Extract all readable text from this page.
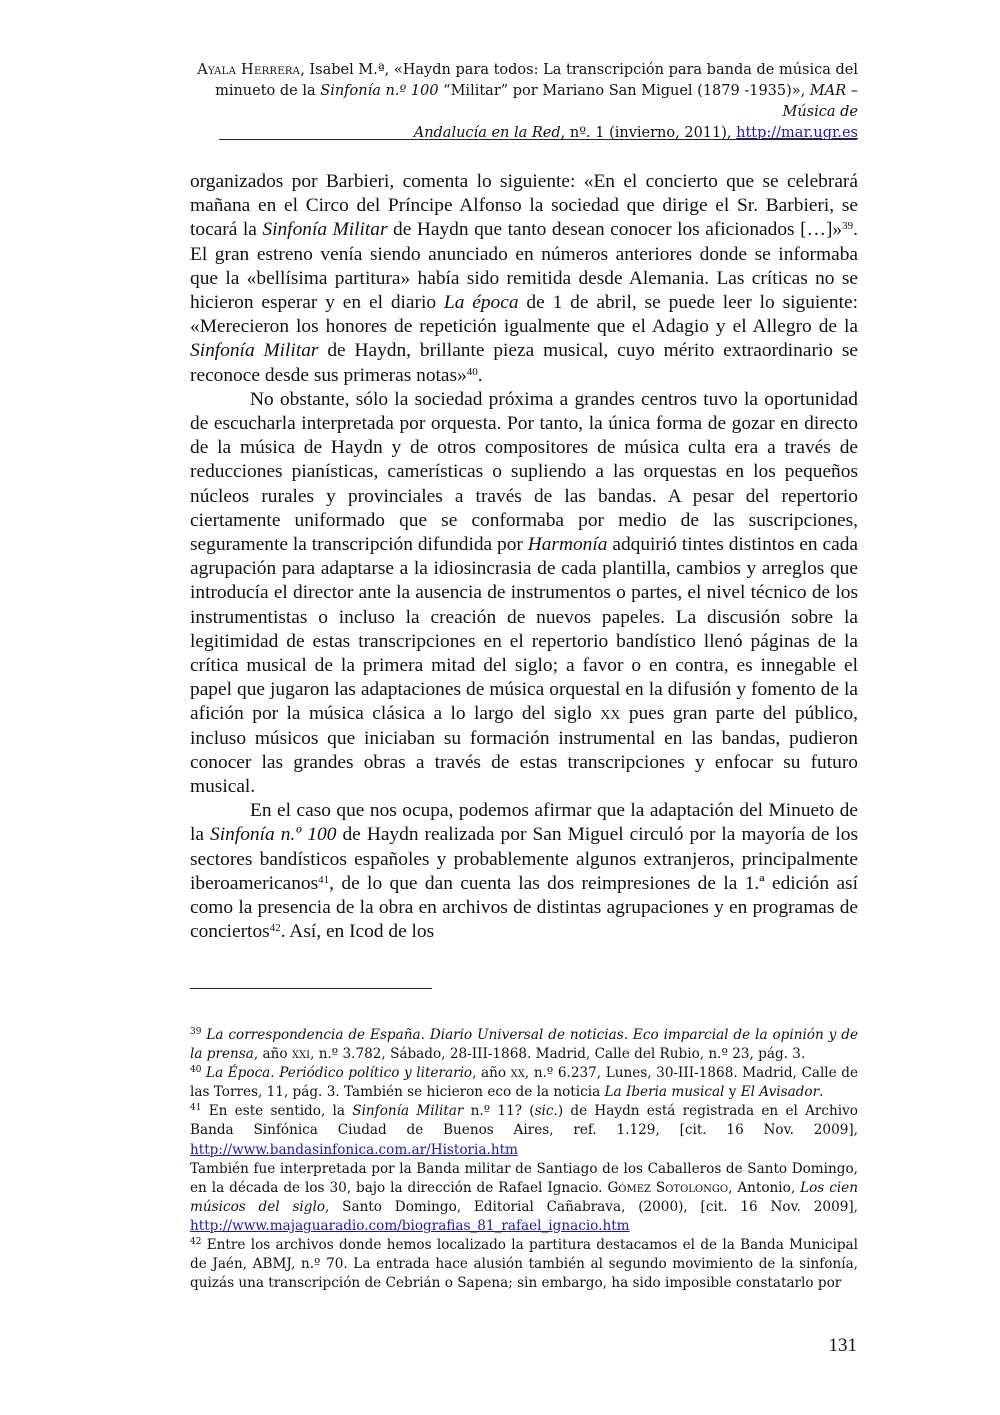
Ayala Herrera, Isabel M.ª, «Haydn para todos: La transcripción para banda de música del
minueto de la Sinfonía n.º 100 “Militar” por Mariano San Miguel (1879 -1935)», MAR – Música de
Andalucía en la Red, nº. 1 (invierno, 2011), http://mar.ugr.es

organizados por Barbieri, comenta lo siguiente: «En el concierto que se celebrará mañana en el Circo del Príncipe Alfonso la sociedad que dirige el Sr. Barbieri, se tocará la Sinfonía Militar de Haydn que tanto desean conocer los aficionados […]»$^{39}$. El gran estreno venía siendo anunciado en números anteriores donde se informaba que la «bellísima partitura» había sido remitida desde Alemania. Las críticas no se hicieron esperar y en el diario La época de 1 de abril, se puede leer lo siguiente: «Merecieron los honores de repetición igualmente que el Adagio y el Allegro de la Sinfonía Militar de Haydn, brillante pieza musical, cuyo mérito extraordinario se reconoce desde sus primeras notas»$^{40}$.

No obstante, sólo la sociedad próxima a grandes centros tuvo la oportunidad de escucharla interpretada por orquesta. Por tanto, la única forma de gozar en directo de la música de Haydn y de otros compositores de música culta era a través de reducciones pianísticas, camerísticas o supliendo a las orquestas en los pequeños núcleos rurales y provinciales a través de las bandas. A pesar del repertorio ciertamente uniformado que se conformaba por medio de las suscripciones, seguramente la transcripción difundida por Harmonía adquirió tintes distintos en cada agrupación para adaptarse a la idiosincrasia de cada plantilla, cambios y arreglos que introducía el director ante la ausencia de instrumentos o partes, el nivel técnico de los instrumentistas o incluso la creación de nuevos papeles. La discusión sobre la legitimidad de estas transcripciones en el repertorio bandístico llenó páginas de la crítica musical de la primera mitad del siglo; a favor o en contra, es innegable el papel que jugaron las adaptaciones de música orquestal en la difusión y fomento de la afición por la música clásica a lo largo del siglo xx pues gran parte del público, incluso músicos que iniciaban su formación instrumental en las bandas, pudieron conocer las grandes obras a través de estas transcripciones y enfocar su futuro musical.

En el caso que nos ocupa, podemos afirmar que la adaptación del Minueto de la Sinfonía n.º 100 de Haydn realizada por San Miguel circuló por la mayoría de los sectores bandísticos españoles y probablemente algunos extranjeros, principalmente iberoamericanos$^{41}$, de lo que dan cuenta las dos reimpresiones de la 1.ª edición así como la presencia de la obra en archivos de distintas agrupaciones y en programas de conciertos$^{42}$. Así, en Icod de los

$^{39}$ La correspondencia de España. Diario Universal de noticias. Eco imparcial de la opinión y de la prensa, año xxi, n.º 3.782, Sábado, 28-III-1868. Madrid, Calle del Rubio, n.º 23, pág. 3.

$^{40}$ La Época. Periódico político y literario, año xx, n.º 6.237, Lunes, 30-III-1868. Madrid, Calle de las Torres, 11, pág. 3. También se hicieron eco de la noticia La Iberia musical y El Avisador.

$^{41}$ En este sentido, la Sinfonía Militar n.º 11? (sic.) de Haydn está registrada en el Archivo Banda Sinfónica Ciudad de Buenos Aires, ref. 1.129, [cit. 16 Nov. 2009], http://www.bandasinfonica.com.ar/Historia.htm

También fue interpretada por la Banda militar de Santiago de los Caballeros de Santo Domingo, en la década de los 30, bajo la dirección de Rafael Ignacio. Gómez Sotolongo, Antonio, Los cien músicos del siglo, Santo Domingo, Editorial Cañabrava, (2000), [cit. 16 Nov. 2009], http://www.majaguaradio.com/biografias_81_rafael_ignacio.htm

$^{42}$ Entre los archivos donde hemos localizado la partitura destacamos el de la Banda Municipal de Jaén, ABMJ, n.º 70. La entrada hace alusión también al segundo movimiento de la sinfonía, quizás una transcripción de Cebrián o Sapena; sin embargo, ha sido imposible constatarlo por

131
